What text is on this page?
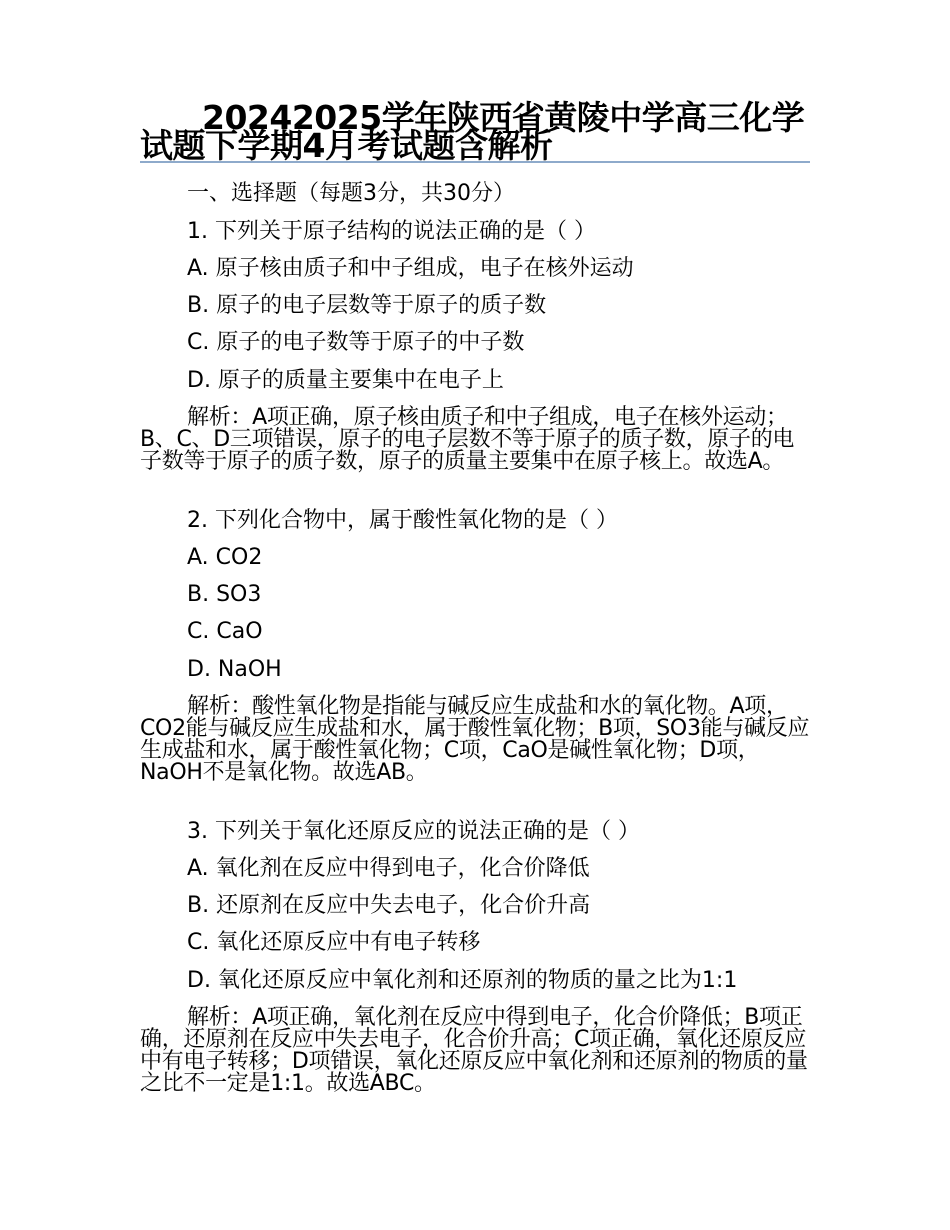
20242025学年陕西省黄陵中学高三化学试题下学期4月考试题含解析
一、选择题（每题3分，共30分）
1. 下列关于原子结构的说法正确的是（ ）
A. 原子核由质子和中子组成，电子在核外运动
B. 原子的电子层数等于原子的质子数
C. 原子的电子数等于原子的中子数
D. 原子的质量主要集中在电子上
解析：A项正确，原子核由质子和中子组成，电子在核外运动；B、C、D三项错误，原子的电子层数不等于原子的质子数，原子的电子数等于原子的质子数，原子的质量主要集中在原子核上。故选A。
2. 下列化合物中，属于酸性氧化物的是（ ）
A. CO2
B. SO3
C. CaO
D. NaOH
解析：酸性氧化物是指能与碱反应生成盐和水的氧化物。A项，CO2能与碱反应生成盐和水，属于酸性氧化物；B项，SO3能与碱反应生成盐和水，属于酸性氧化物；C项，CaO是碱性氧化物；D项，NaOH不是氧化物。故选AB。
3. 下列关于氧化还原反应的说法正确的是（ ）
A. 氧化剂在反应中得到电子，化合价降低
B. 还原剂在反应中失去电子，化合价升高
C. 氧化还原反应中有电子转移
D. 氧化还原反应中氧化剂和还原剂的物质的量之比为1:1
解析：A项正确，氧化剂在反应中得到电子，化合价降低；B项正确，还原剂在反应中失去电子，化合价升高；C项正确，氧化还原反应中有电子转移；D项错误，氧化还原反应中氧化剂和还原剂的物质的量之比不一定是1:1。故选ABC。
